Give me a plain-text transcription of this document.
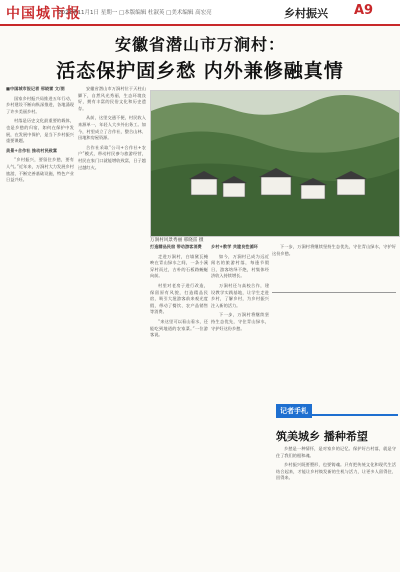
中国城市报
2021年11月1日 星期一 □本版编辑 杜淑英 □美术编辑 高宏亮	乡村振兴 A9
安徽省潜山市万涧村：
活态保护固乡愁 内外兼修融真情

■中国城市报记者 邢晓雷 文/图

国家乡村振兴局推进五年行动，乡村建设不断向纵深推进，各地涌现了许多美丽乡村。

村落是历史文化最重要的载体，也是乡愁的归宿，如何在保护中发展，在发展中保护，是当下乡村振兴重要课题。

美景+合作社 推动村民致富

“乡村振兴，要留住乡愁，要有人气。”近年来，万涧村大力发展乡村旅游，不断完善基础设施，特色产业日益兴旺。

安徽省潜山市万涧村位于天柱山脚下，自然风光秀丽，生态环境良好，拥有丰富的民俗文化和历史遗存。

从前，这里交通不便，村民收入来源单一，年轻人大多外出务工。如今，村里成立了合作社，整合山林、田地和房屋资源。

合作社采取“公司+合作社+农户”模式，带动村民参与旅游经营，村民在家门口就能增收致富，日子越过越红火。

万涧村风景秀丽 邢晓雷 摄

打造精品民宿 带动游客消费

走进万涧村，白墙黛瓦掩映在青山绿水之间，一条小溪穿村而过，古朴的石板路蜿蜒向前。

村里对老房子进行改造，保留原有风貌，打造精品民宿，吸引大批游客前来观光度假，带动了餐饮、农产品销售等消费。

“来这里可以看山看水，还能吃到地道的农家菜。”一位游客说。

乡村+教学 共建良性循环

如今，万涧村已成为远近闻名的旅游村落，每逢节假日，游客络绎不绝，村集体经济收入持续增长。

万涧村还与高校合作，建设教学实践基地，让学生走进乡村，了解乡村，为乡村振兴注入新的活力。

下一步，万涧村将继续坚持生态优先，守住青山绿水，守护好这份乡愁。

下一步，万涧村将继续坚持生态优先，守住青山绿水，守护好这份乡愁。

记者手札
筑美城乡 播种希望

乡愁是一种情怀，是对家乡的记忆。保护好古村落，就是守住了我们的根和魂。

乡村振兴既要塑形，也要铸魂。只有把传统文化和现代生活结合起来，才能让乡村焕发新的生机与活力，让更多人留得住、回得来。
